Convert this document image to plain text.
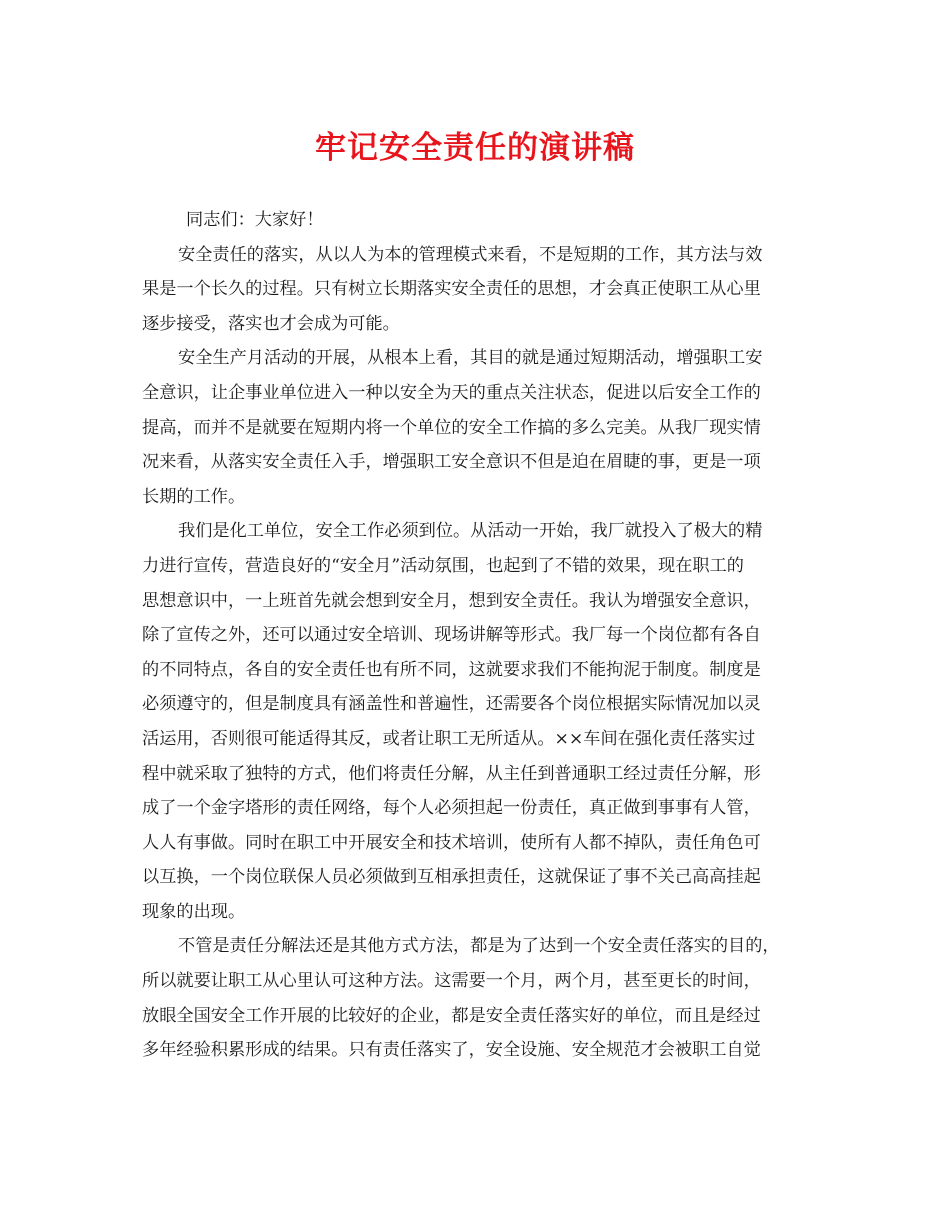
牢记安全责任的演讲稿
同志们：大家好！
安全责任的落实，从以人为本的管理模式来看，不是短期的工作，其方法与效
果是一个长久的过程。只有树立长期落实安全责任的思想，才会真正使职工从心里
逐步接受，落实也才会成为可能。
安全生产月活动的开展，从根本上看，其目的就是通过短期活动，增强职工安
全意识，让企事业单位进入一种以安全为天的重点关注状态，促进以后安全工作的
提高，而并不是就要在短期内将一个单位的安全工作搞的多么完美。从我厂现实情
况来看，从落实安全责任入手，增强职工安全意识不但是迫在眉睫的事，更是一项
长期的工作。
我们是化工单位，安全工作必须到位。从活动一开始，我厂就投入了极大的精
力进行宣传，营造良好的“安全月”活动氛围，也起到了不错的效果，现在职工的
思想意识中，一上班首先就会想到安全月，想到安全责任。我认为增强安全意识，
除了宣传之外，还可以通过安全培训、现场讲解等形式。我厂每一个岗位都有各自
的不同特点，各自的安全责任也有所不同，这就要求我们不能拘泥于制度。制度是
必须遵守的，但是制度具有涵盖性和普遍性，还需要各个岗位根据实际情况加以灵
活运用，否则很可能适得其反，或者让职工无所适从。××车间在强化责任落实过
程中就采取了独特的方式，他们将责任分解，从主任到普通职工经过责任分解，形
成了一个金字塔形的责任网络，每个人必须担起一份责任，真正做到事事有人管，
人人有事做。同时在职工中开展安全和技术培训，使所有人都不掉队，责任角色可
以互换，一个岗位联保人员必须做到互相承担责任，这就保证了事不关己高高挂起
现象的出现。
不管是责任分解法还是其他方式方法，都是为了达到一个安全责任落实的目的，
所以就要让职工从心里认可这种方法。这需要一个月，两个月，甚至更长的时间，
放眼全国安全工作开展的比较好的企业，都是安全责任落实好的单位，而且是经过
多年经验积累形成的结果。只有责任落实了，安全设施、安全规范才会被职工自觉
